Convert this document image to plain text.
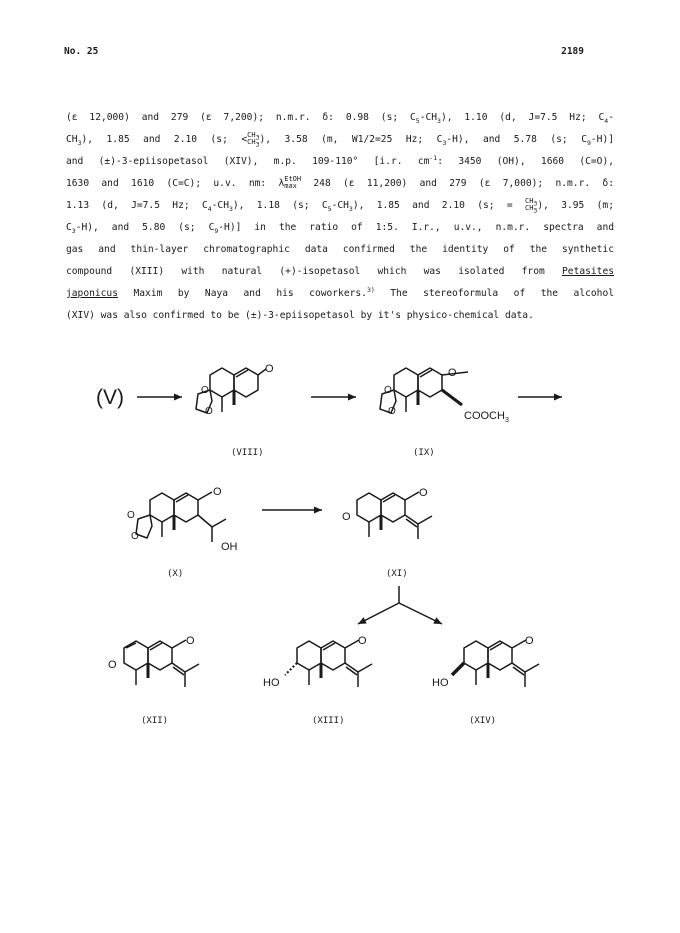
No. 25	2189
(ε 12,000) and 279 (ε 7,200); n.m.r. δ: 0.98 (s; $C_5-CH_3$), 1.10 (d, J=7.5 Hz; $C_4-$
$CH_3$), 1.85 and 2.10 (s; < $CH_3$
$CH_3$ ), 3.58 (m, W1/2=25 Hz; $C_3-H$), and 5.78 (s; $C_9-H$)]
and (±)-3-epiisopetasol (XIV), m.p. 109-110° [i.r. $cm^{-1}$: 3450 (OH), 1660 (C=O),
1630 and 1610 (C=C); u.v. nm: λ EtOH
max 248 (ε 11,200) and 279 (ε 7,000); n.m.r. δ:
1.13 (d, J=7.5 Hz; $C_4-CH_3$), 1.18 (s; $C_5-CH_3$), 1.85 and 2.10 (s; = $CH_3$
$CH_3$ ), 3.95 (m;
$C_3-H$), and 5.80 (s; $C_9-H$)] in the ratio of 1:5. I.r., u.v., n.m.r. spectra and
gas and thin-layer chromatographic data confirmed the identity of the synthetic
compound (XIII) with natural (+)-isopetasol which was isolated from Petasites
japonicus Maxim by Naya and his coworkers.$^{3)}$ The stereoformula of the alcohol
(XIV) was also confirmed to be (±)-3-epiisopetasol by it's physico-chemical data.
(V)
O
O
O
(VIII)
O
O
O	$COOCH_3$
(IX)
O
O
O
OH
(X)
O
O
(XI)
O
O
(XII)
HO
O
(XIII)
HO
O
(XIV)
